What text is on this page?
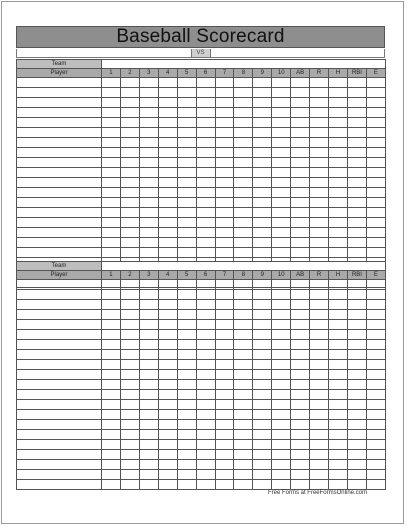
Baseball Scorecard
VS
Team															
Player	1	2	3	4	5	6	7	8	9	10	AB	R	H	RBI	E

Team															
Player	1	2	3	4	5	6	7	8	9	10	AB	R	H	RBI	E

Free Forms at FreeFormsOnline.com
